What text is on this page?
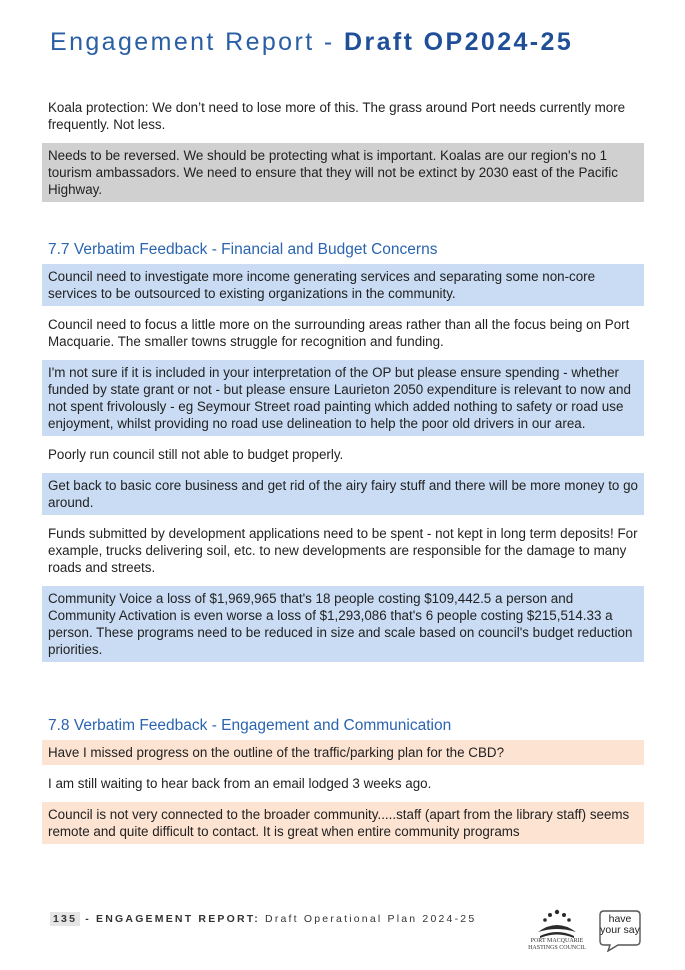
Engagement Report - Draft OP2024-25
Koala protection: We don’t need to lose more of this. The grass around Port needs currently more frequently. Not less.
Needs to be reversed. We should be protecting what is important. Koalas are our region's no 1 tourism ambassadors. We need to ensure that they will not be extinct by 2030 east of the Pacific Highway.
7.7 Verbatim Feedback - Financial and Budget Concerns
Council need to investigate more income generating services and separating some non-core services to be outsourced to existing organizations in the community.
Council need to focus a little more on the surrounding areas rather than all the focus being on Port Macquarie. The smaller towns struggle for recognition and funding.
I'm not sure if it is included in your interpretation of the OP but please ensure spending - whether funded by state grant or not - but please ensure Laurieton 2050 expenditure is relevant to now and not spent frivolously - eg Seymour Street road painting which added nothing to safety or road use enjoyment, whilst providing no road use delineation to help the poor old drivers in our area.
Poorly run council still not able to budget properly.
Get back to basic core business and get rid of the airy fairy stuff and there will be more money to go around.
Funds submitted by development applications need to be spent - not kept in long term deposits! For example, trucks delivering soil, etc. to new developments are responsible for the damage to many roads and streets.
Community Voice a loss of $1,969,965 that's 18 people costing $109,442.5 a person and Community Activation is even worse a loss of $1,293,086 that's 6 people costing $215,514.33 a person. These programs need to be reduced in size and scale based on council's budget reduction priorities.
7.8 Verbatim Feedback - Engagement and Communication
Have I missed progress on the outline of the traffic/parking plan for the CBD?
I am still waiting to hear back from an email lodged 3 weeks ago.
Council is not very connected to the broader community.....staff (apart from the library staff) seems remote and quite difficult to contact. It is great when entire community programs
135 - ENGAGEMENT REPORT: Draft Operational Plan 2024-25
PORT MACQUARIE HASTINGS COUNCIL
have your say
